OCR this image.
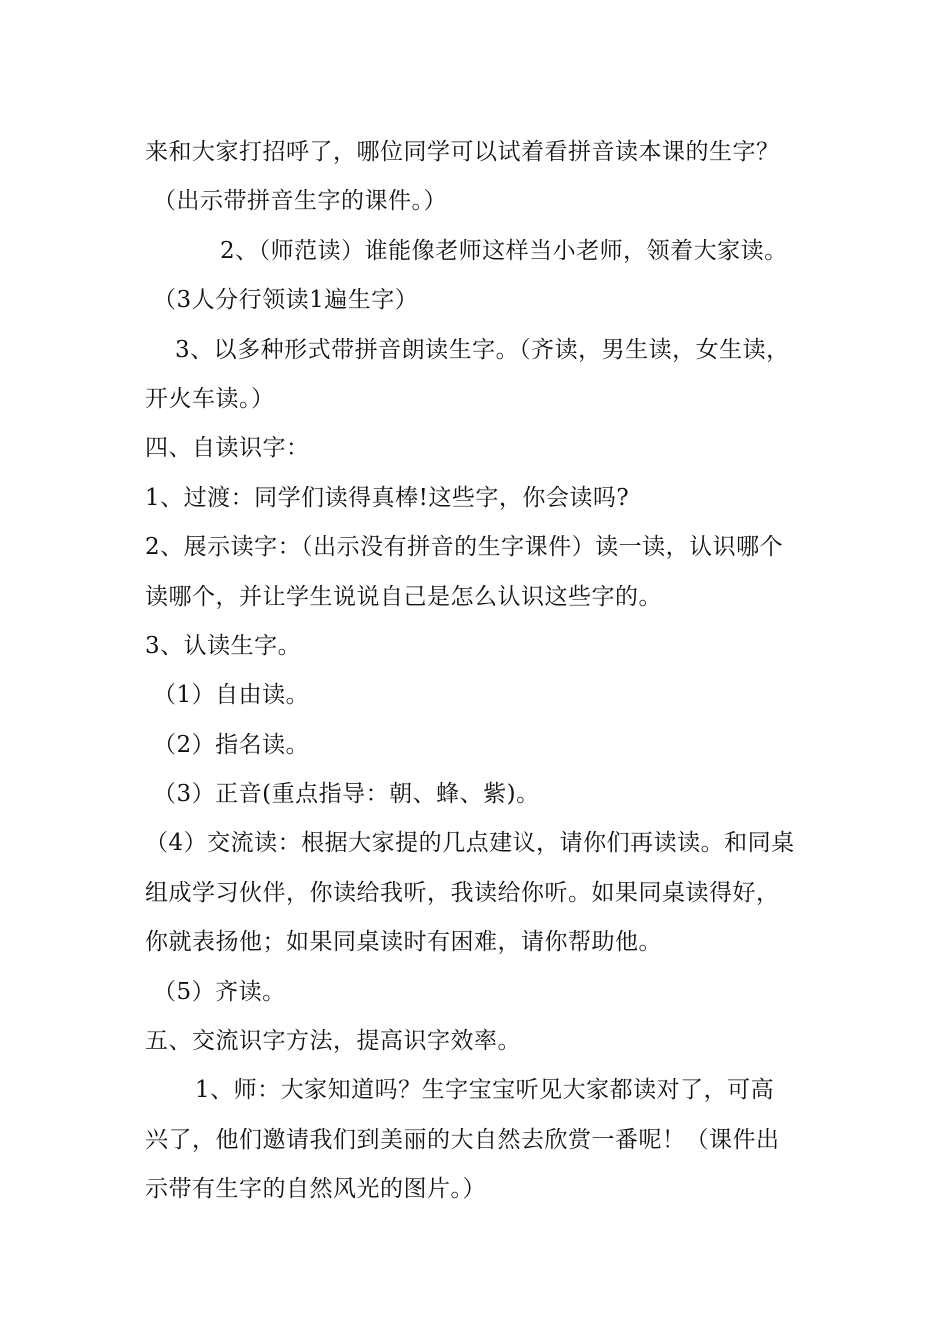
来和大家打招呼了，哪位同学可以试着看拼音读本课的生字？
（出示带拼音生字的课件。）
2、（师范读）谁能像老师这样当小老师，领着大家读。
（3人分行领读1遍生字）
3、以多种形式带拼音朗读生字。（齐读，男生读，女生读，
开火车读。）
四、自读识字：
1、过渡：同学们读得真棒!这些字，你会读吗?
2、展示读字：（出示没有拼音的生字课件）读一读，认识哪个
读哪个，并让学生说说自己是怎么认识这些字的。
3、认读生字。
（1）自由读。
（2）指名读。
（3）正音(重点指导：朝、蜂、紫)。
（4）交流读：根据大家提的几点建议，请你们再读读。和同桌
组成学习伙伴，你读给我听，我读给你听。如果同桌读得好，
你就表扬他；如果同桌读时有困难，请你帮助他。
（5）齐读。
五、交流识字方法，提高识字效率。
1、师：大家知道吗？生字宝宝听见大家都读对了，可高
兴了，他们邀请我们到美丽的大自然去欣赏一番呢！（课件出
示带有生字的自然风光的图片。）
